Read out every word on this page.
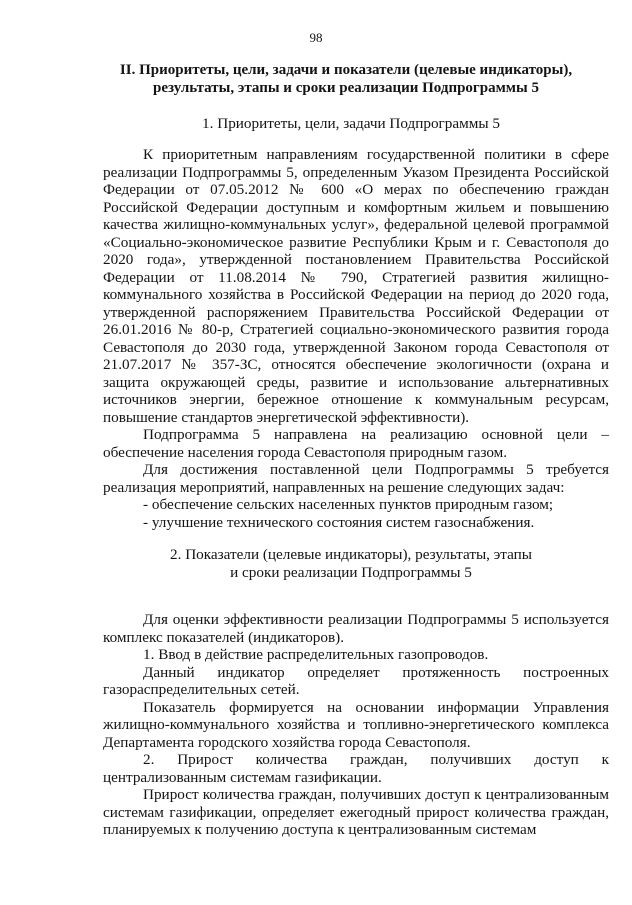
98
II. Приоритеты, цели, задачи и показатели (целевые индикаторы), результаты, этапы и сроки реализации Подпрограммы 5
1. Приоритеты, цели, задачи Подпрограммы 5

К приоритетным направлениям государственной политики в сфере реализации Подпрограммы 5, определенным Указом Президента Российской Федерации от 07.05.2012 № 600 «О мерах по обеспечению граждан Российской Федерации доступным и комфортным жильем и повышению качества жилищно-коммунальных услуг», федеральной целевой программой «Социально-экономическое развитие Республики Крым и г. Севастополя до 2020 года», утвержденной постановлением Правительства Российской Федерации от 11.08.2014 № 790, Стратегией развития жилищно-коммунального хозяйства в Российской Федерации на период до 2020 года, утвержденной распоряжением Правительства Российской Федерации от 26.01.2016 № 80-р, Стратегией социально-экономического развития города Севастополя до 2030 года, утвержденной Законом города Севастополя от 21.07.2017 № 357-ЗС, относятся обеспечение экологичности (охрана и защита окружающей среды, развитие и использование альтернативных источников энергии, бережное отношение к коммунальным ресурсам, повышение стандартов энергетической эффективности).

Подпрограмма 5 направлена на реализацию основной цели – обеспечение населения города Севастополя природным газом.

Для достижения поставленной цели Подпрограммы 5 требуется реализация мероприятий, направленных на решение следующих задач:

- обеспечение сельских населенных пунктов природным газом;

- улучшение технического состояния систем газоснабжения.

2. Показатели (целевые индикаторы), результаты, этапы
и сроки реализации Подпрограммы 5

Для оценки эффективности реализации Подпрограммы 5 используется комплекс показателей (индикаторов).

1. Ввод в действие распределительных газопроводов.

Данный индикатор определяет протяженность построенных газораспределительных сетей.

Показатель формируется на основании информации Управления жилищно-коммунального хозяйства и топливно-энергетического комплекса Департамента городского хозяйства города Севастополя.

2. Прирост количества граждан, получивших доступ к централизованным системам газификации.

Прирост количества граждан, получивших доступ к централизованным системам газификации, определяет ежегодный прирост количества граждан, планируемых к получению доступа к централизованным системам
